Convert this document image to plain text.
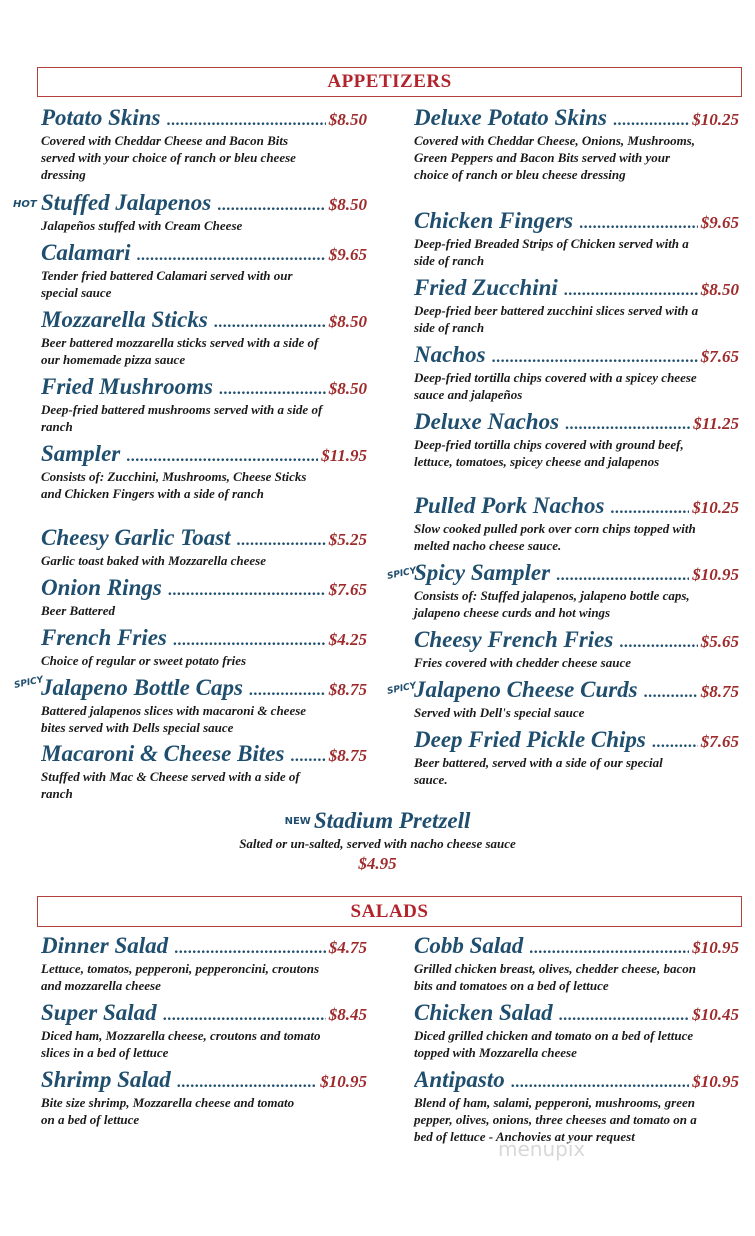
APPETIZERS
Potato Skins .....	$8.50
Covered with Cheddar Cheese and Bacon Bits served with your choice of ranch or bleu cheese dressing
HOT Stuffed Jalapenos .....	$8.50
Jalapeños stuffed with Cream Cheese
Calamari .....	$9.65
Tender fried battered Calamari served with our special sauce
Mozzarella Sticks .....	$8.50
Beer battered mozzarella sticks served with a side of our homemade pizza sauce
Fried Mushrooms .....	$8.50
Deep-fried battered mushrooms served with a side of ranch
Sampler .....	$11.95
Consists of: Zucchini, Mushrooms, Cheese Sticks and Chicken Fingers with a side of ranch
Cheesy Garlic Toast .....	$5.25
Garlic toast baked with Mozzarella cheese
Onion Rings .....	$7.65
Beer Battered
French Fries .....	$4.25
Choice of regular or sweet potato fries
SPICY
Jalapeno Bottle Caps .....	$8.75
Battered jalapenos slices with macaroni & cheese bites served with Dells special sauce
Macaroni & Cheese Bites .....	$8.75
Stuffed with Mac & Cheese served with a side of ranch
Deluxe Potato Skins .....	$10.25
Covered with Cheddar Cheese, Onions, Mushrooms, Green Peppers and Bacon Bits served with your choice of ranch or bleu cheese dressing
Chicken Fingers .....	$9.65
Deep-fried Breaded Strips of Chicken served with a side of ranch
Fried Zucchini .....	$8.50
Deep-fried beer battered zucchini slices served with a side of ranch
Nachos .....	$7.65
Deep-fried tortilla chips covered with a spicey cheese sauce and jalapeños
Deluxe Nachos .....	$11.25
Deep-fried tortilla chips covered with ground beef, lettuce, tomatoes, spicey cheese and jalapenos
Pulled Pork Nachos .....	$10.25
Slow cooked pulled pork over corn chips topped with melted nacho cheese sauce.
SPICY
Spicy Sampler .....	$10.95
Consists of: Stuffed jalapenos, jalapeno bottle caps, jalapeno cheese curds and hot wings
Cheesy French Fries .....	$5.65
Fries covered with chedder cheese sauce
SPICY
Jalapeno Cheese Curds .....	$8.75
Served with Dell's special sauce
Deep Fried Pickle Chips .....	$7.65
Beer battered, served with a side of our special sauce.
$^{NEW}$ Stadium Pretzell
Salted or un-salted, served with nacho cheese sauce
$4.95
SALADS
Dinner Salad .....	$4.75
Lettuce, tomatos, pepperoni, pepperoncini, croutons and mozzarella cheese
Super Salad .....	$8.45
Diced ham, Mozzarella cheese, croutons and tomato slices in a bed of lettuce
Shrimp Salad .....	$10.95
Bite size shrimp, Mozzarella cheese and tomato on a bed of lettuce
Cobb Salad .....	$10.95
Grilled chicken breast, olives, chedder cheese, bacon bits and tomatoes on a bed of lettuce
Chicken Salad .....	$10.45
Diced grilled chicken and tomato on a bed of lettuce topped with Mozzarella cheese
Antipasto .....	$10.95
Blend of ham, salami, pepperoni, mushrooms, green pepper, olives, onions, three cheeses and tomato on a bed of lettuce - Anchovies at your request
menupix
